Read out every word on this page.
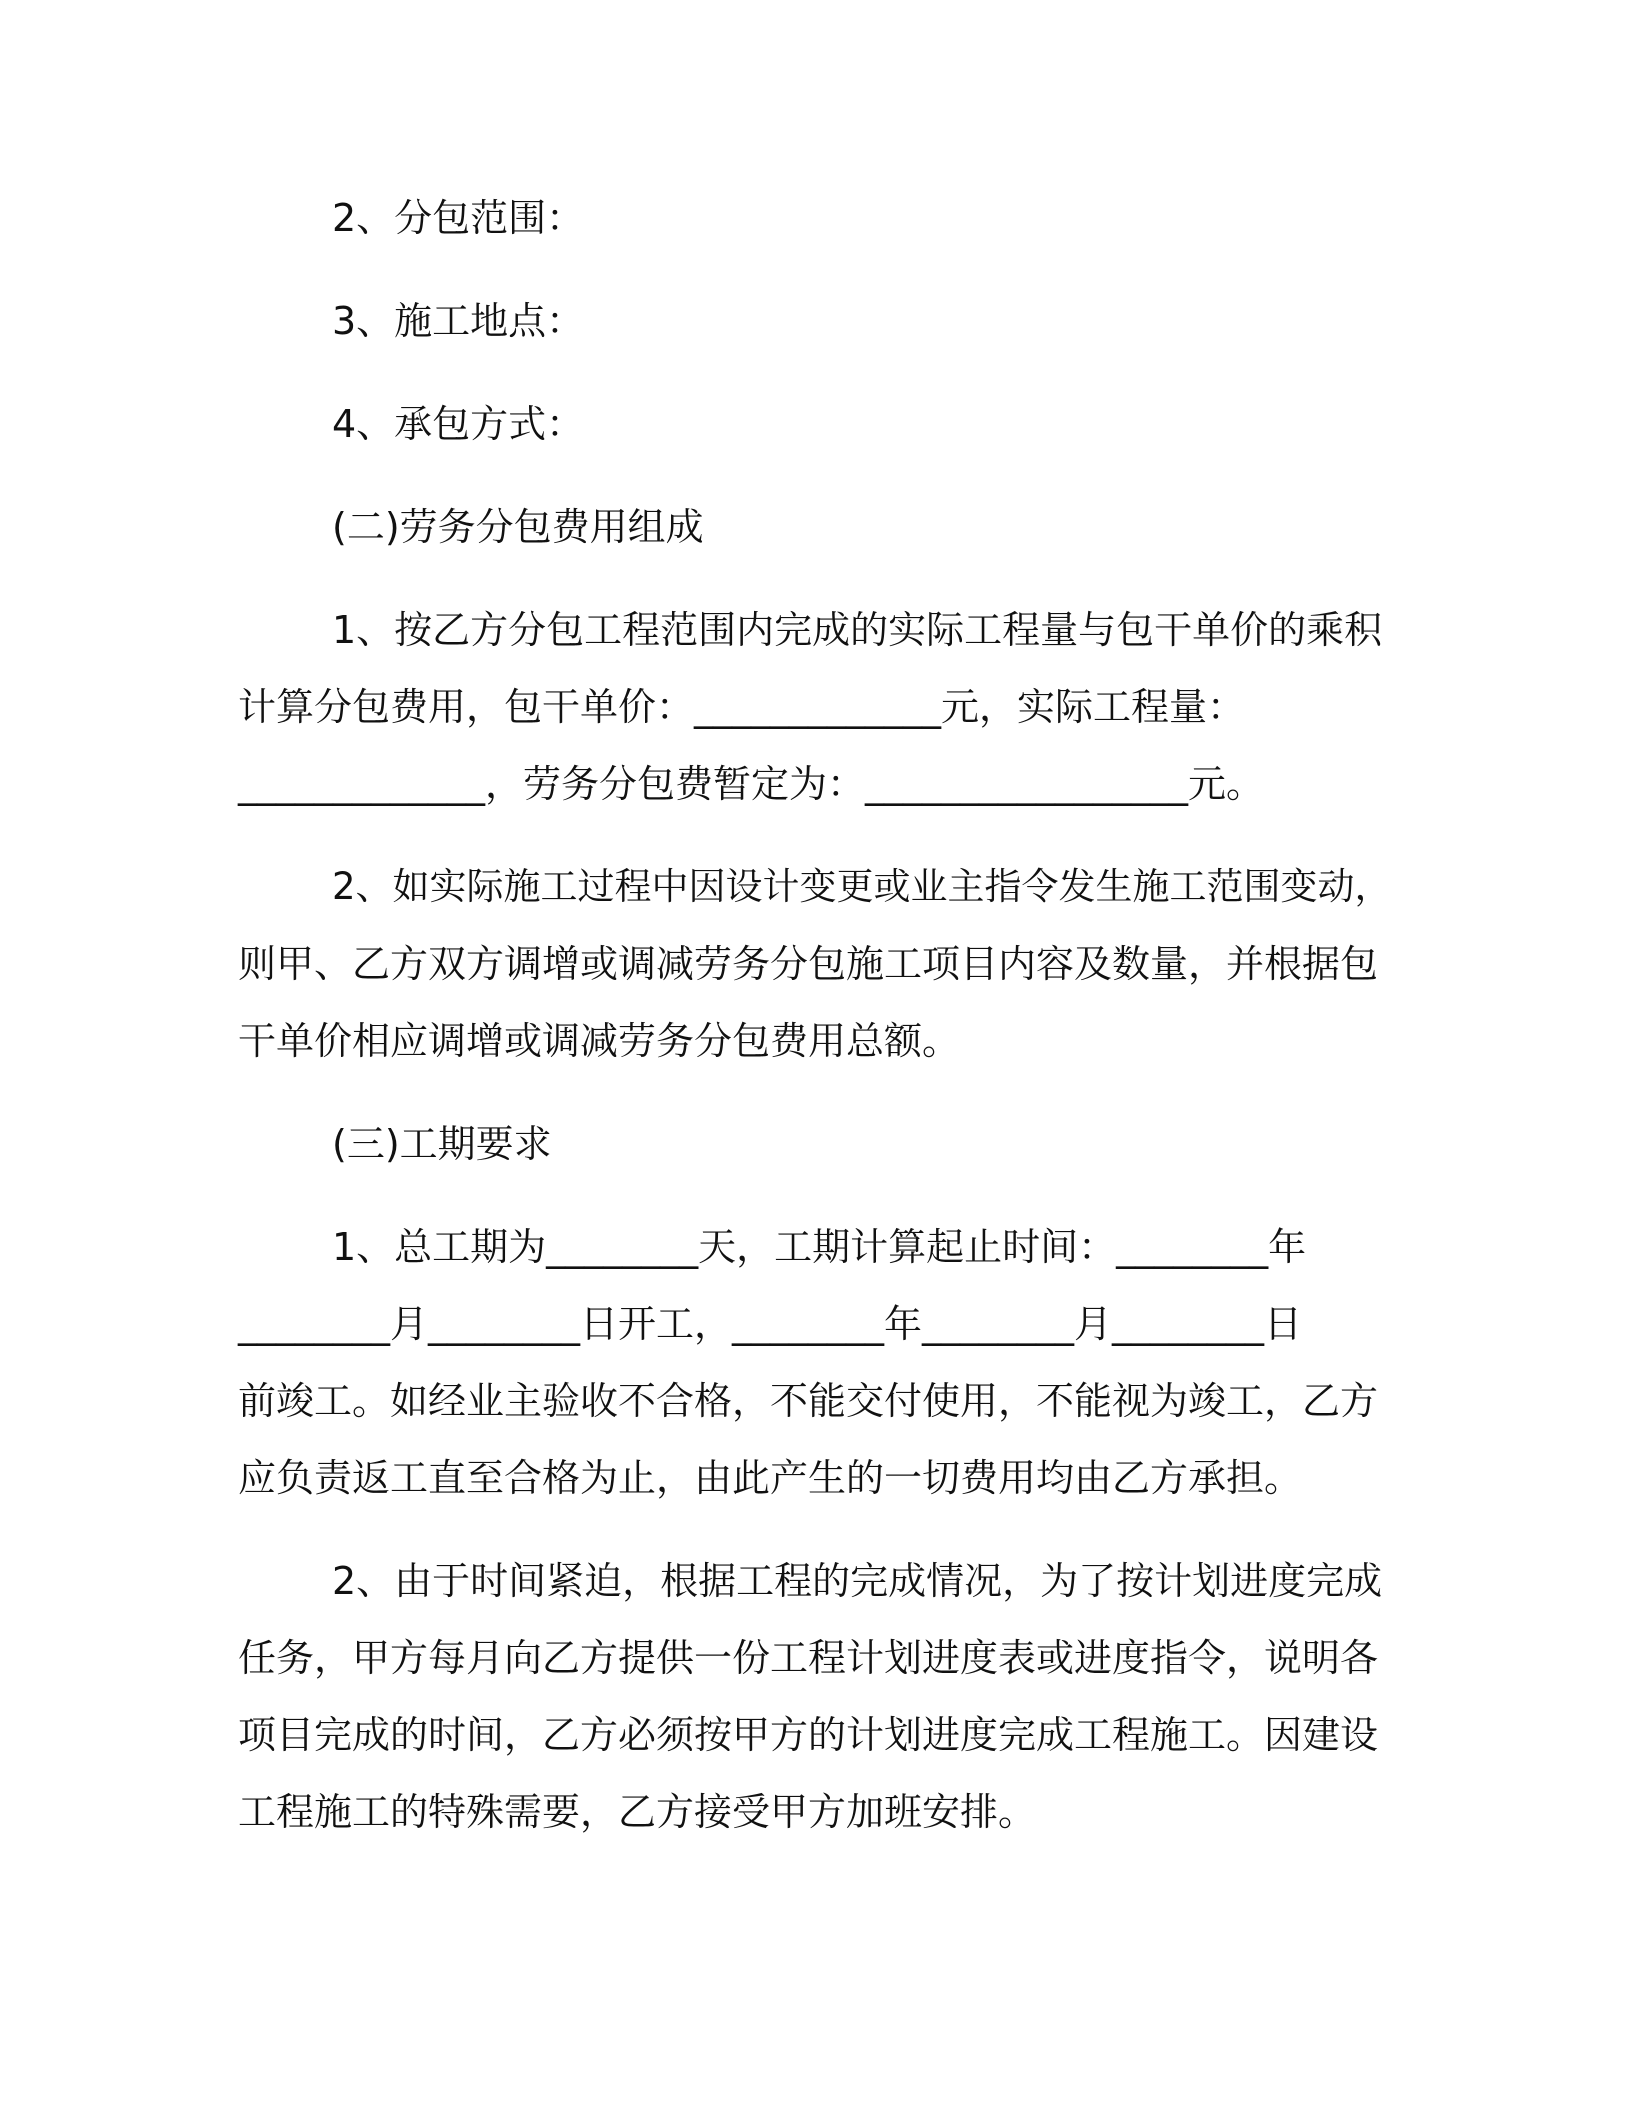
2、分包范围：

3、施工地点：

4、承包方式：

(二)劳务分包费用组成

1、按乙方分包工程范围内完成的实际工程量与包干单价的乘积

计算分包费用，包干单价：_____________元，实际工程量：

_____________，劳务分包费暂定为：_________________元。

2、如实际施工过程中因设计变更或业主指令发生施工范围变动，

则甲、乙方双方调增或调减劳务分包施工项目内容及数量，并根据包

干单价相应调增或调减劳务分包费用总额。

(三)工期要求

1、总工期为________天，工期计算起止时间：________年

________月________日开工，________年________月________日

前竣工。如经业主验收不合格，不能交付使用，不能视为竣工，乙方

应负责返工直至合格为止，由此产生的一切费用均由乙方承担。

2、由于时间紧迫，根据工程的完成情况，为了按计划进度完成

任务，甲方每月向乙方提供一份工程计划进度表或进度指令，说明各

项目完成的时间，乙方必须按甲方的计划进度完成工程施工。因建设

工程施工的特殊需要，乙方接受甲方加班安排。
